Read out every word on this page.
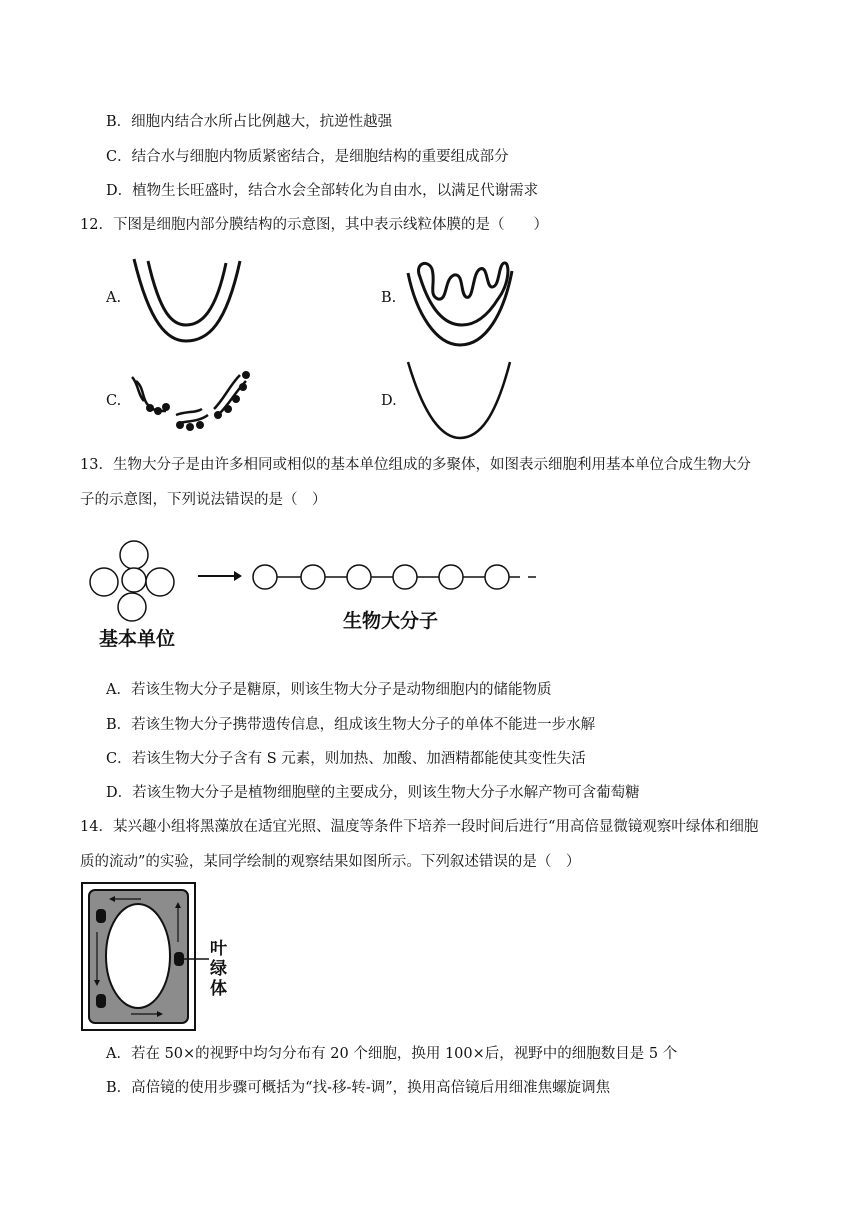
B．细胞内结合水所占比例越大，抗逆性越强
C．结合水与细胞内物质紧密结合，是细胞结构的重要组成部分
D．植物生长旺盛时，结合水会全部转化为自由水，以满足代谢需求
12．下图是细胞内部分膜结构的示意图，其中表示线粒体膜的是（　　）
A.	B.
C.	D.
13．生物大分子是由许多相同或相似的基本单位组成的多聚体，如图表示细胞利用基本单位合成生物大分
子的示意图，下列说法错误的是（　）
基本单位
生物大分子
A．若该生物大分子是糖原，则该生物大分子是动物细胞内的储能物质
B．若该生物大分子携带遗传信息，组成该生物大分子的单体不能进一步水解
C．若该生物大分子含有 S 元素，则加热、加酸、加酒精都能使其变性失活
D．若该生物大分子是植物细胞壁的主要成分，则该生物大分子水解产物可含葡萄糖
14．某兴趣小组将黑藻放在适宜光照、温度等条件下培养一段时间后进行“用高倍显微镜观察叶绿体和细胞
质的流动”的实验，某同学绘制的观察结果如图所示。下列叙述错误的是（　）
叶绿体
A．若在 50×的视野中均匀分布有 20 个细胞，换用 100×后，视野中的细胞数目是 5 个
B．高倍镜的使用步骤可概括为“找-移-转-调”，换用高倍镜后用细准焦螺旋调焦
